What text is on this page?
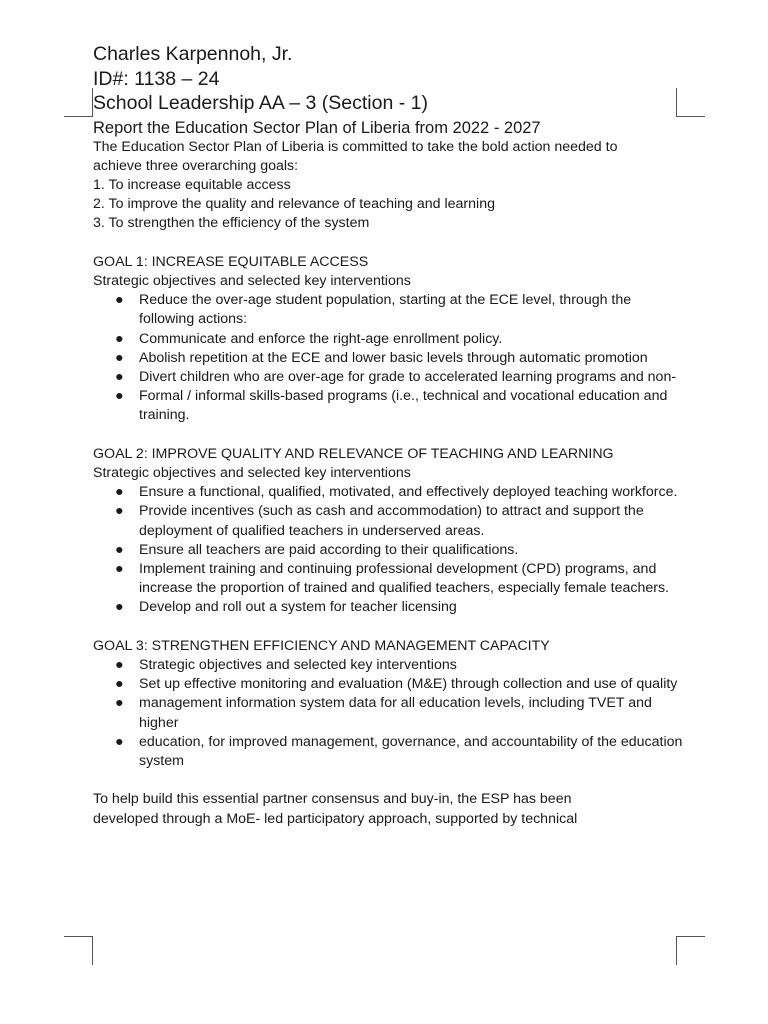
Charles Karpennoh, Jr.

ID#: 1138 – 24

School Leadership AA – 3 (Section - 1)

Report the Education Sector Plan of Liberia from 2022 - 2027

The Education Sector Plan of Liberia is committed to take the bold action needed to

achieve three overarching goals:

1. To increase equitable access

2. To improve the quality and relevance of teaching and learning

3. To strengthen the efficiency of the system

GOAL 1: INCREASE EQUITABLE ACCESS

Strategic objectives and selected key interventions

● Reduce the over-age student population, starting at the ECE level, through the following actions:
● Communicate and enforce the right-age enrollment policy.
● Abolish repetition at the ECE and lower basic levels through automatic promotion
● Divert children who are over-age for grade to accelerated learning programs and non-
● Formal / informal skills-based programs (i.e., technical and vocational education and training.

GOAL 2: IMPROVE QUALITY AND RELEVANCE OF TEACHING AND LEARNING

Strategic objectives and selected key interventions

● Ensure a functional, qualified, motivated, and effectively deployed teaching workforce.
● Provide incentives (such as cash and accommodation) to attract and support the deployment of qualified teachers in underserved areas.
● Ensure all teachers are paid according to their qualifications.
● Implement training and continuing professional development (CPD) programs, and increase the proportion of trained and qualified teachers, especially female teachers.
● Develop and roll out a system for teacher licensing

GOAL 3: STRENGTHEN EFFICIENCY AND MANAGEMENT CAPACITY

● Strategic objectives and selected key interventions
● Set up effective monitoring and evaluation (M&E) through collection and use of quality
● management information system data for all education levels, including TVET and higher
● education, for improved management, governance, and accountability of the education system

To help build this essential partner consensus and buy-in, the ESP has been

developed through a MoE- led participatory approach, supported by technical
